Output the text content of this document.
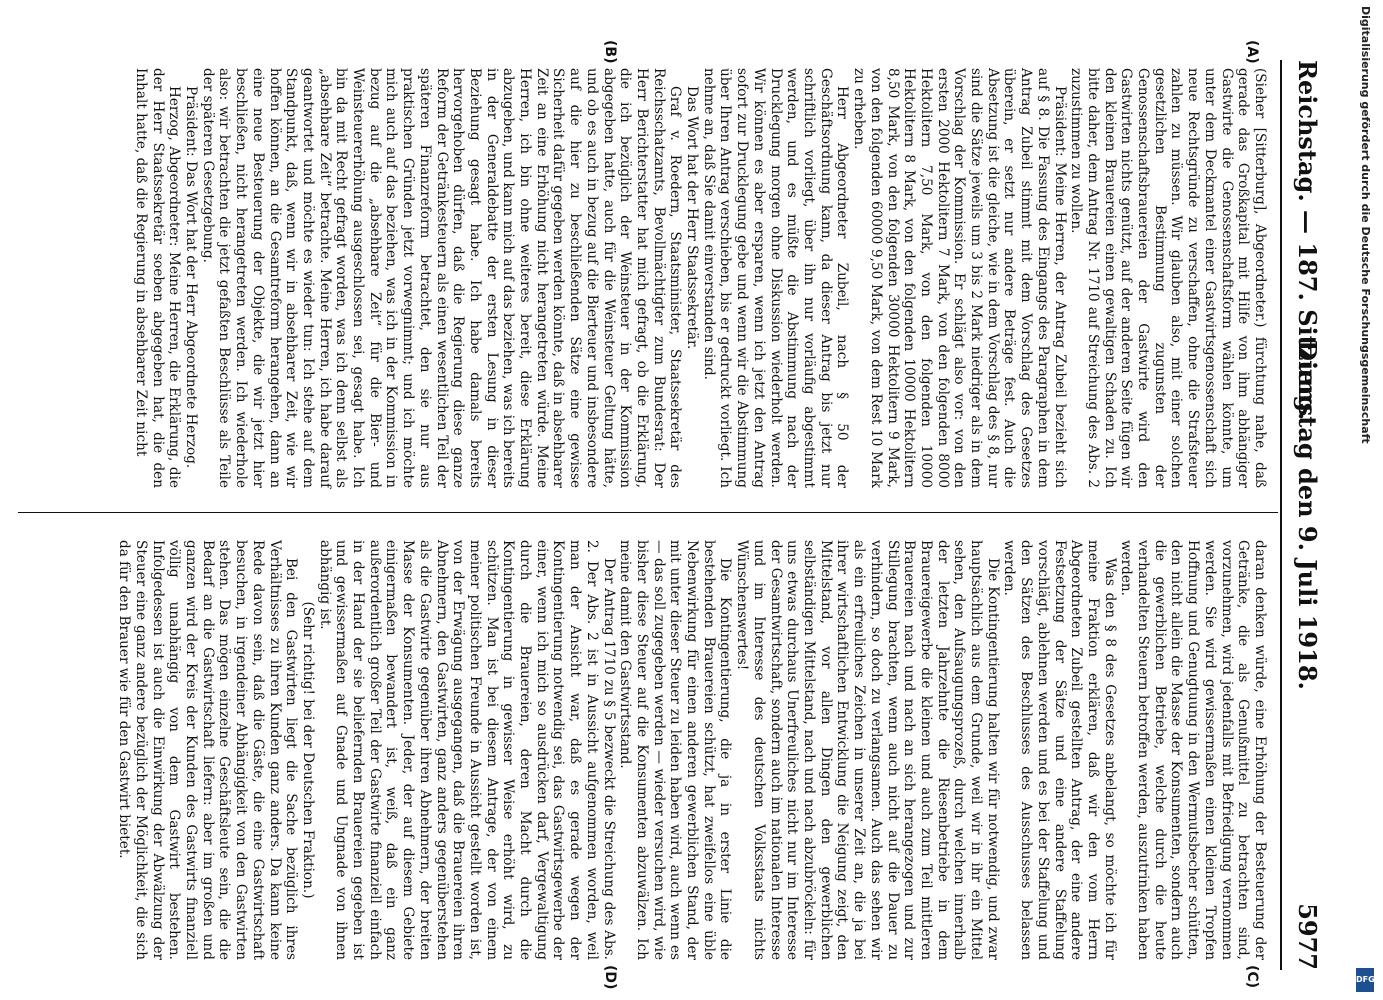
Reichstag. — 187. Sitzung.
Dienstag den 9. Juli 1918.
5977
(A)
(B)
(C)
(D)

(Sieher [Sitterburg], Abgeordneter.) fürchtung nahe, daß gerade das Großkapital mit Hilfe von ihm abhängiger Gastwirte die Genossenschaftsform wählen könnte, um unter dem Deckmantel einer Gastwirtsgenossenschaft sich neue Rechtsgründe zu verschaffen, ohne die Strafsteuer zahlen zu müssen. Wir glauben also, mit einer solchen gesetzlichen Bestimmung zugunsten der Genossenschaftsbrauereien der Gastwirte wird den Gastwirten nichts genützt, auf der anderen Seite fügen wir den kleinen Brauereien einen gewaltigen Schaden zu. Ich bitte daher, dem Antrag Nr. 1710 auf Streichung des Abs. 2 zuzustimmen zu wollen.

Präsident: Meine Herren, der Antrag Zubeil bezieht sich auf § 8. Die Fassung des Eingangs des Paragraphen in dem Antrag Zubeil stimmt mit dem Vorschlag des Gesetzes überein, er setzt nur andere Beträge fest. Auch die Absetzung ist die gleiche, wie in dem Vorschlag des § 8, nur sind die Sätze jeweils um 3 bis 2 Mark niedriger als in dem Vorschlag der Kommission. Er schlägt also vor: von den ersten 2000 Hektolitern 7 Mark, von den folgenden 8000 Hektolitern 7,50 Mark, von den folgenden 10000 Hektolitern 8 Mark, von den folgenden 10000 Hektolitern 8,50 Mark, von den folgenden 30000 Hektolitern 9 Mark, von den folgenden 60000 9,50 Mark, von dem Rest 10 Mark zu erheben.

Herr Abgeordneter Zubeil, nach § 50 der Geschäftsordnung kann, da dieser Antrag bis jetzt nur schriftlich vorliegt, über ihn nur vorläufig abgestimmt werden, und es müßte die Abstimmung nach der Drucklegung morgen ohne Diskussion wiederholt werden. Wir können es aber ersparen, wenn ich jetzt den Antrag sofort zur Drucklegung gebe und wenn wir die Abstimmung über Ihren Antrag verschieben, bis er gedruckt vorliegt. Ich nehme an, daß Sie damit einverstanden sind.

Das Wort hat der Herr Staatssekretär.

Graf v. Roedern, Staatsminister, Staatssekretär des Reichsschatzamts, Bevollmächtigter zum Bundesrat: Der Herr Berichterstatter hat mich gefragt, ob die Erklärung, die ich bezüglich der Weinsteuer in der Kommission abgegeben hatte, auch für die Weinsteuer Geltung hätte, und ob es auch in bezug auf die Bierteuer und insbesondere auf die hier zu beschließenden Sätze eine gewisse Sicherheit dafür gegeben werden könnte, daß in absehbarer Zeit an eine Erhöhung nicht herangetreten würde. Meine Herren, ich bin ohne weiteres bereit, diese Erklärung abzugeben, und kann mich auf das beziehen, was ich bereits in der Generaldebatte der ersten Lesung in dieser Beziehung gesagt habe. Ich habe damals bereits hervorgehoben dürfen, daß die Regierung diese ganze Reform der Getränkesteuern als einen wesentlichen Teil der späteren Finanzreform betrachtet, den sie nur aus praktischen Gründen jetzt vorwegnimmt; und ich möchte mich auch auf das beziehen, was ich in der Kommission in bezug auf die „absehbare Zeit“ für die Bier- und Weinsteuererhöhung ausgeschlossen sei, gesagt habe. Ich bin da mit Recht gefragt worden, was ich denn selbst als „absehbare Zeit“ betrachte. Meine Herren, ich habe darauf geantwortet und möchte es wieder tun: Ich stehe auf dem Standpunkt, daß, wenn wir in absehbarer Zeit, wie wir hoffen können, an die Gesamtreform herangehen, dann an eine neue Besteuerung der Objekte, die wir jetzt hier beschließen, nicht herangetreten werden. Ich wiederhole also: wir betrachten die jetzt gefaßten Beschlüsse als Teile der späteren Gesetzgebung.

Präsident: Das Wort hat der Herr Abgeordnete Herzog.

Herzog, Abgeordneter: Meine Herren, die Erklärung, die der Herr Staatssekretär soeben abgegeben hat, die den Inhalt hatte, daß die Regierung in absehbarer Zeit nicht

daran denken würde, eine Erhöhung der Besteuerung der Getränke, die als Genußmittel zu betrachten sind, vorzunehmen, wird jedenfalls mit Befriedigung vernommen werden. Sie wird gewissermaßen einen kleinen Tropfen Hoffnung und Genugtuung in den Wermutsbecher schütten, den nicht allein die Masse der Konsumenten, sondern auch die gewerblichen Betriebe, welche durch die heute verhandelten Steuern betroffen werden, auszutrinken haben werden.

Was den § 8 des Gesetzes anbelangt, so möchte ich für meine Fraktion erklären, daß wir den vom Herrn Abgeordneten Zubeil gestellten Antrag, der eine andere Festsetzung der Sätze und eine andere Staffelung vorschlägt, ablehnen werden und es bei der Staffelung und den Sätzen des Beschlusses des Ausschusses belassen werden.

Die Kontingentierung halten wir für notwendig, und zwar hauptsächlich aus dem Grunde, weil wir in ihr ein Mittel sehen, den Aufsaugungsprozeß, durch welchen innerhalb der letzten Jahrzehnte die Riesenbetriebe in dem Brauereigewerbe die kleinen und auch zum Teil mittleren Brauereien nach und nach an sich herangezogen und zur Stillegung brachten, wenn auch nicht auf die Dauer zu verhindern, so doch zu verlangsamen. Auch das sehen wir als ein erfreuliches Zeichen in unserer Zeit an, die ja bei ihrer wirtschaftlichen Entwicklung die Neigung zeigt, den Mittelstand, vor allen Dingen den gewerblichen selbständigen Mittelstand, nach und nach abzubröckeln: für uns etwas durchaus Unerfreuliches nicht nur im Interesse der Gesamtwirtschaft, sondern auch im nationalen Interesse und im Interesse des deutschen Volksstaats nichts Wünschenswertes!

Die Kontingentierung, die ja in erster Linie die bestehenden Brauereien schützt, hat zweifellos eine üble Nebenwirkung für einen anderen gewerblichen Stand, der mit unter dieser Steuer zu leiden haben wird, auch wenn es — das soll zugegeben werden — wieder versuchen wird, wie bisher diese Steuer auf die Konsumenten abzuwälzen. Ich meine damit den Gastwirtsstand.

Der Antrag 1710 zu § 5 bezweckt die Streichung des Abs. 2. Der Abs. 2 ist in Aussicht aufgenommen worden, weil man der Ansicht war, daß es gerade wegen der Kontingentierung notwendig sei, das Gastwirtsgewerbe der einer, wenn ich mich so ausdrücken darf, Vergewaltigung durch die Brauereien, deren Macht durch die Kontingentierung in gewisser Weise erhöht wird, zu schützen. Man ist bei diesem Antrage, der von einem meiner politischen Freunde in Aussicht gestellt worden ist, von der Erwägung ausgegangen, daß die Brauereien ihren Abnehmern, den Gastwirten, ganz anders gegenüberstehen als die Gastwirte gegenüber ihren Abnehmern, der breiten Masse der Konsumenten. Jeder, der auf diesem Gebiete einigermaßen bewandert ist, weiß, daß ein ganz außerordentlich großer Teil der Gastwirte finanziell einfach in der Hand der sie beliefernden Brauereien gegeben ist und gewissermaßen auf Gnade und Ungnade von ihnen abhängig ist.

(Sehr richtig! bei der Deutschen Fraktion.)

Bei den Gastwirten liegt die Sache bezüglich ihres Verhältnisses zu ihren Kunden ganz anders. Da kann keine Rede davon sein, daß die Gäste, die eine Gastwirtschaft besuchen, in irgendeiner Abhängigkeit von den Gastwirten stehen. Das mögen einzelne Geschäftsleute sein, die die Bedarf an die Gastwirtschaft liefern: aber im großen und ganzen wird der Kreis der Kunden des Gastwirts finanziell völlig unabhängig von dem Gastwirt bestehen. Infolgedessen ist auch die Einwirkung der Abwälzung der Steuer eine ganz andere bezüglich der Möglichkeit, die sich da für den Brauer wie für den Gastwirt bietet.

Digitalisierung gefördert durch die Deutsche Forschungsgemeinschaft
DFG
